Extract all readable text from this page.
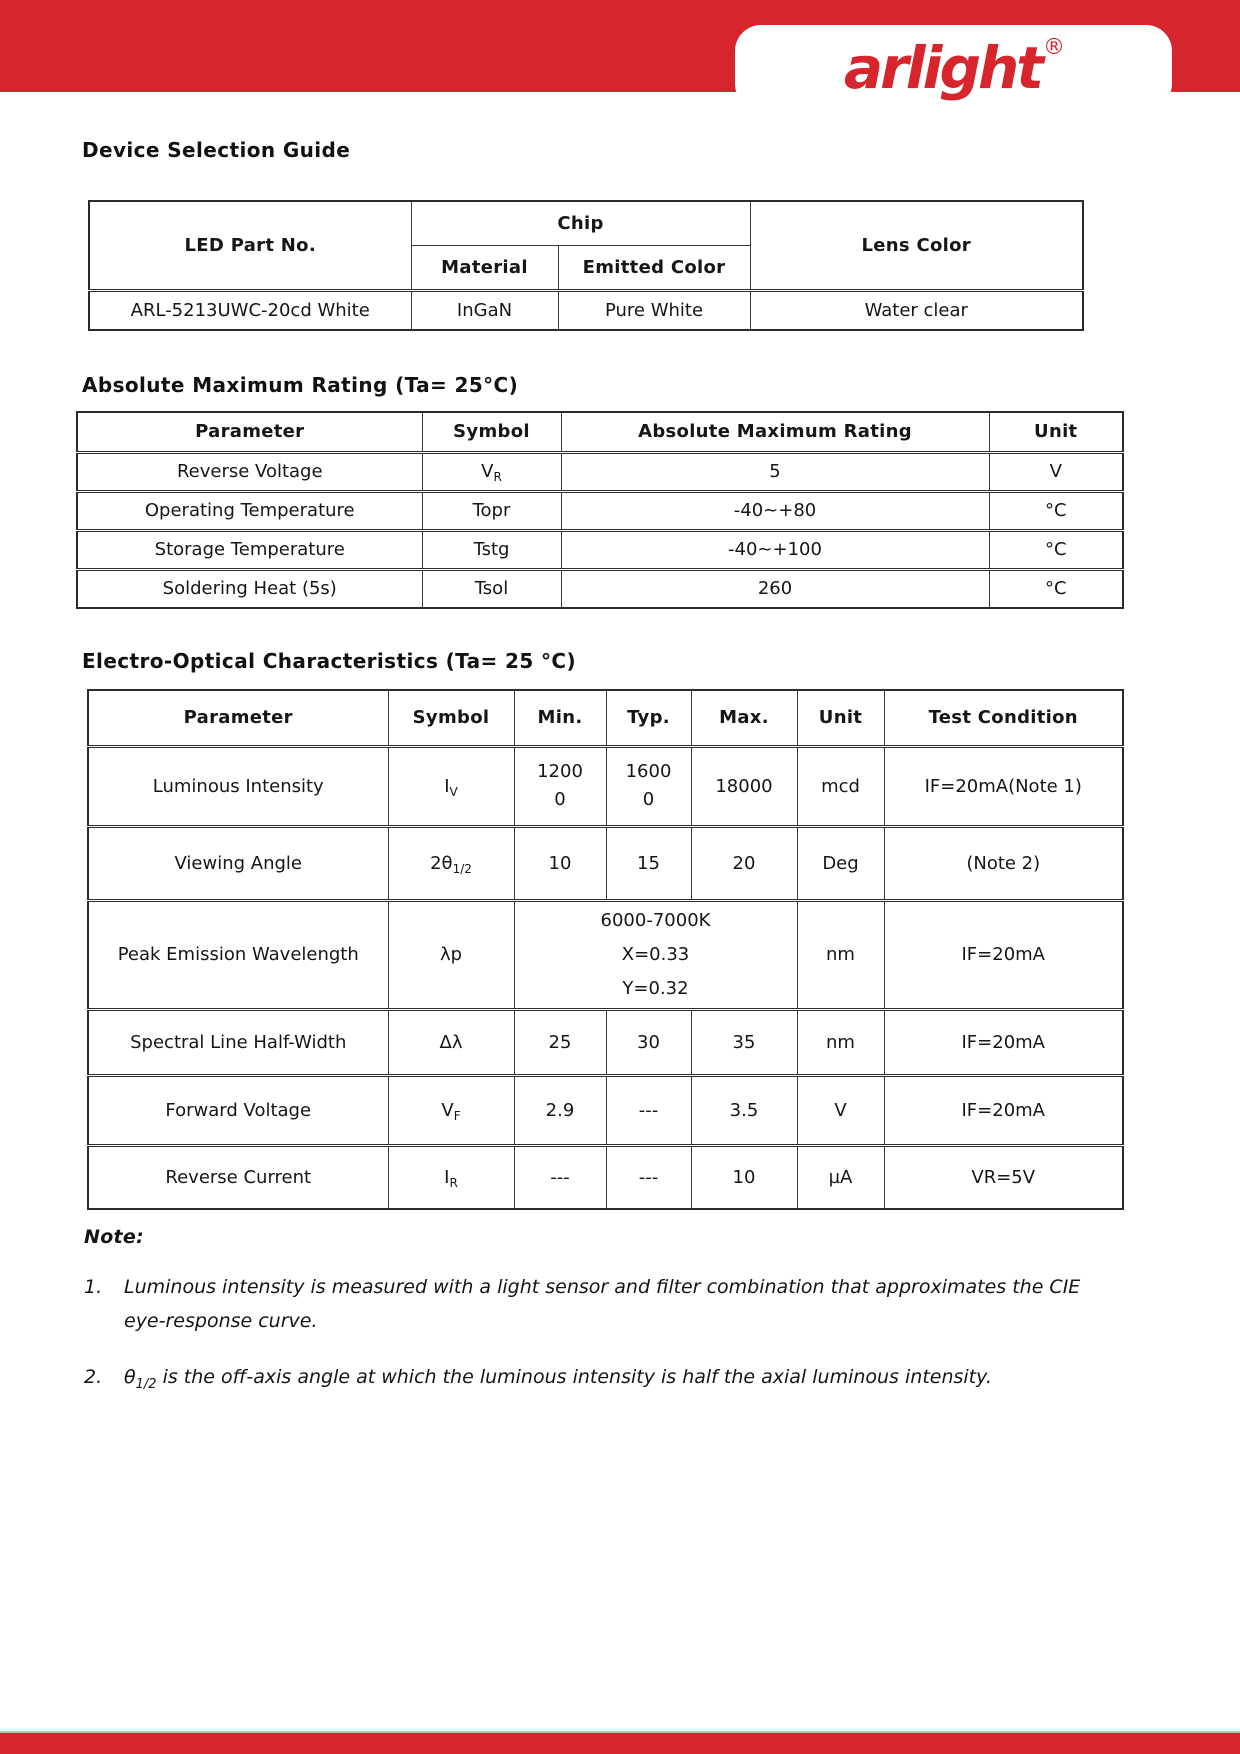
arlight ®
Device Selection Guide
LED Part No.	Chip		Lens Color
	Material	Emitted Color	
ARL-5213UWC-20cd White	InGaN	Pure White	Water clear
Absolute Maximum Rating (Ta= 25°C)
Parameter	Symbol	Absolute Maximum Rating	Unit
Reverse Voltage	$V_R$	5	V
Operating Temperature	Topr	-40~+80	°C
Storage Temperature	Tstg	-40~+100	°C
Soldering Heat (5s)	Tsol	260	°C
Electro-Optical Characteristics (Ta= 25 °C)
Parameter	Symbol	Min.	Typ.	Max.	Unit	Test Condition
Luminous Intensity	$I_V$	12000	16000	18000	mcd	IF=20mA(Note 1)
Viewing Angle	$2\theta_{1/2}$	10	15	20	Deg	(Note 2)
Peak Emission Wavelength	λp	6000-7000K
X=0.33
Y=0.32			nm	IF=20mA
Spectral Line Half-Width	Δλ	25	30	35	nm	IF=20mA
Forward Voltage	$V_F$	2.9	---	3.5	V	IF=20mA
Reverse Current	$I_R$	---	---	10	µA	VR=5V
Note:
1.	Luminous intensity is measured with a light sensor and filter combination that approximates the CIE
eye-response curve.
2.	$\theta_{1/2}$ is the off-axis angle at which the luminous intensity is half the axial luminous intensity.
